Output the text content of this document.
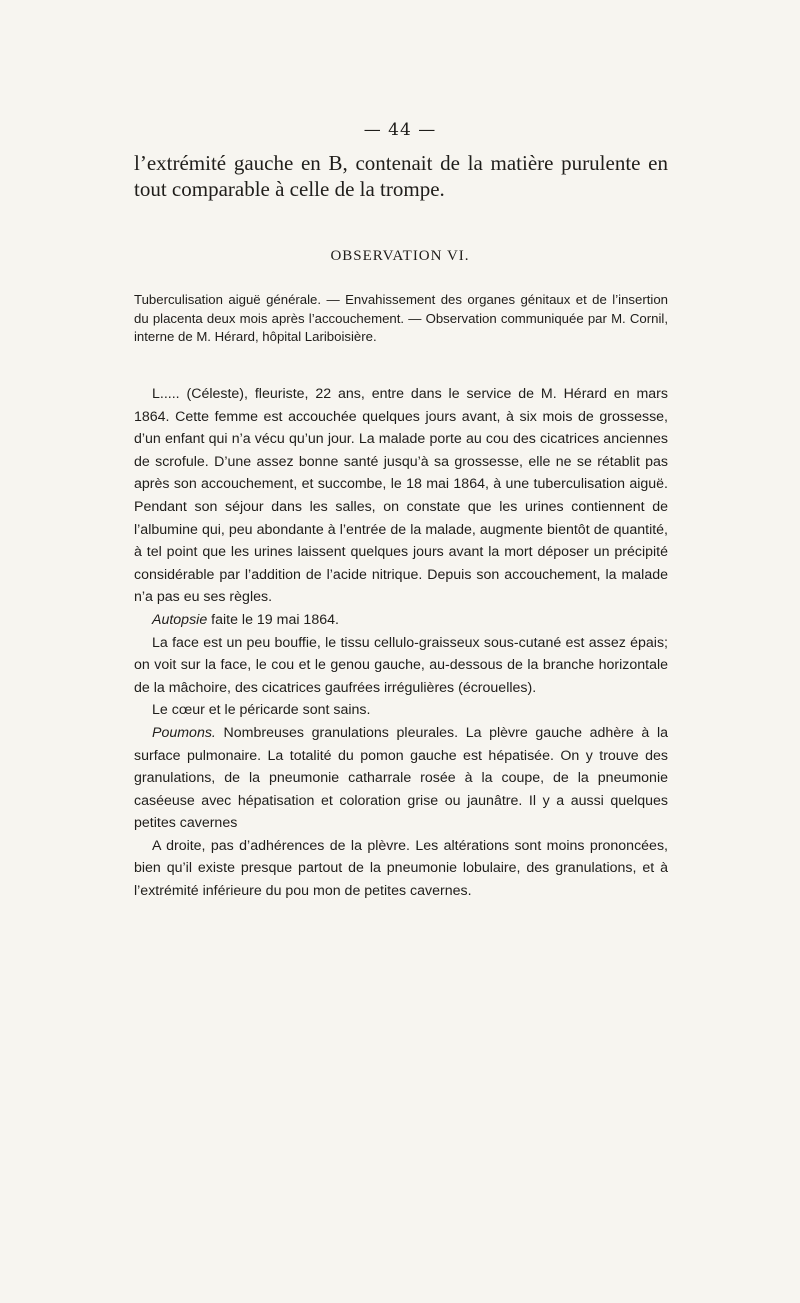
— 44 —
l’extrémité gauche en B, contenait de la matière purulente en tout comparable à celle de la trompe.
OBSERVATION VI.
Tuberculisation aiguë générale. — Envahissement des organes génitaux et de l’insertion du placenta deux mois après l’accouchement. — Observation communiquée par M. Cornil, interne de M. Hérard, hôpital Lariboisière.

L..... (Céleste), fleuriste, 22 ans, entre dans le service de M. Hérard en mars 1864. Cette femme est accouchée quelques jours avant, à six mois de grossesse, d’un enfant qui n’a vécu qu’un jour. La malade porte au cou des cicatrices anciennes de scrofule. D’une assez bonne santé jusqu’à sa grossesse, elle ne se rétablit pas après son accouchement, et succombe, le 18 mai 1864, à une tuberculisation aiguë. Pendant son séjour dans les salles, on constate que les urines contiennent de l’albumine qui, peu abondante à l’entrée de la malade, augmente bientôt de quantité, à tel point que les urines laissent quelques jours avant la mort déposer un précipité considérable par l’addition de l’acide nitrique. Depuis son accouchement, la malade n’a pas eu ses règles.

Autopsie faite le 19 mai 1864.

La face est un peu bouffie, le tissu cellulo-graisseux sous-cutané est assez épais; on voit sur la face, le cou et le genou gauche, au-dessous de la branche horizontale de la mâchoire, des cicatrices gaufrées irrégulières (écrouelles).

Le cœur et le péricarde sont sains.

Poumons. Nombreuses granulations pleurales. La plèvre gauche adhère à la surface pulmonaire. La totalité du pomon gauche est hépatisée. On y trouve des granulations, de la pneumonie catharrale rosée à la coupe, de la pneumonie caséeuse avec hépatisation et coloration grise ou jaunâtre. Il y a aussi quelques petites cavernes

A droite, pas d’adhérences de la plèvre. Les altérations sont moins prononcées, bien qu’il existe presque partout de la pneumonie lobulaire, des granulations, et à l’extrémité inférieure du pou mon de petites cavernes.
